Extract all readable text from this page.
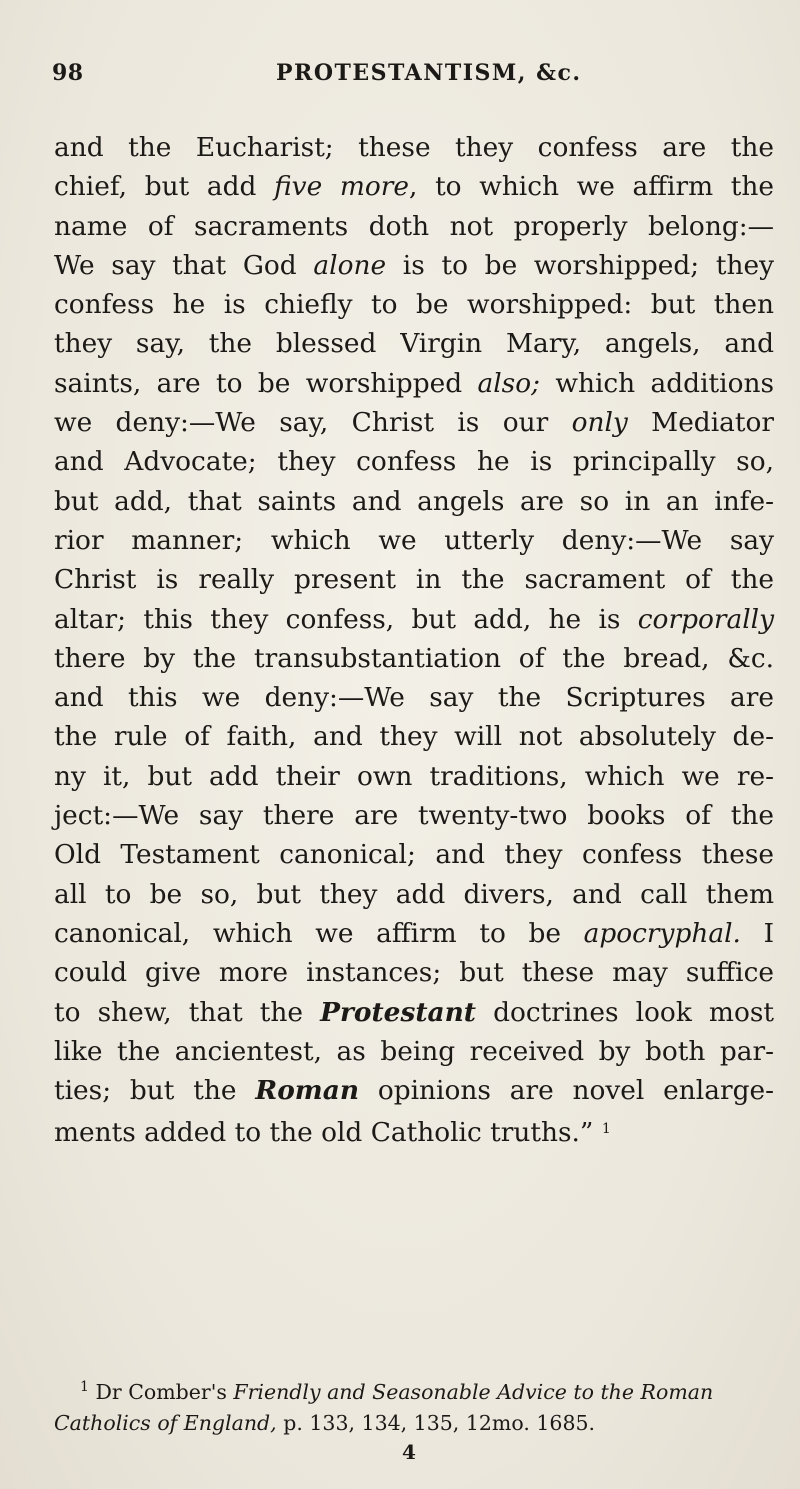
98	PROTESTANTISM, &c.
and the Eucharist; these they confess are the
chief, but add five more, to which we affirm the
name of sacraments doth not properly belong:—
We say that God alone is to be worshipped; they
confess he is chiefly to be worshipped: but then
they say, the blessed Virgin Mary, angels, and
saints, are to be worshipped also; which additions
we deny:—We say, Christ is our only Mediator
and Advocate; they confess he is principally so,
but add, that saints and angels are so in an infe-
rior manner; which we utterly deny:—We say
Christ is really present in the sacrament of the
altar; this they confess, but add, he is corporally
there by the transubstantiation of the bread, &c.
and this we deny:—We say the Scriptures are
the rule of faith, and they will not absolutely de-
ny it, but add their own traditions, which we re-
ject:—We say there are twenty-two books of the
Old Testament canonical; and they confess these
all to be so, but they add divers, and call them
canonical, which we affirm to be apocryphal. I
could give more instances; but these may suffice
to shew, that the Protestant doctrines look most
like the ancientest, as being received by both par-
ties; but the Roman opinions are novel enlarge-
ments added to the old Catholic truths.” $^1$
$^1$ Dr Comber's Friendly and Seasonable Advice to the Roman
Catholics of England, p. 133, 134, 135, 12mo. 1685.
4
